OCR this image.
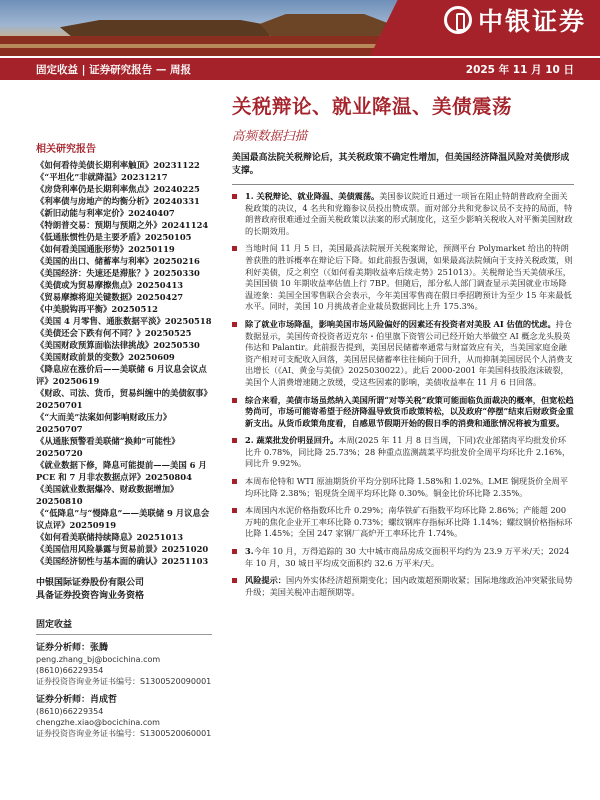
中银证券
固定收益 | 证券研究报告 — 周报	2025 年 11 月 10 日
相关研究报告
《如何看待美债长期利率触顶》20231122
《“平坦化”非就降温》20231217
《房贷利率仍是长期利率焦点》20240225
《利率债与房地产的均衡分析》20240331
《新旧动能与利率定价》20240407
《特朗普交易：预期与预期之外》20241124
《低通胀惯性仍是主要矛盾》20250105
《如何看美国通胀形势》20250119
《美国的出口、储蓄率与利率》20250216
《美国经济：失速还是滞胀？》20250330
《美债或为贸易摩擦焦点》20250413
《贸易摩擦将迎关键数据》20250427
《中美脱钩再平衡》20250512
《美国 4 月零售、通胀数据平淡》20250518
《美债还会下跌有何不同？》20250525
《美国财政预算面临法律挑战》20250530
《美国财政前景的变数》20250609
《降息应在涨价后——美联储 6 月议息会议点评》20250619
《财政、司法、货币，贸易纠缠中的美债叙事》20250701
《“大而美”法案如何影响财政压力》20250707
《从通胀预警看美联储“换帅”可能性》20250720
《就业数据下修，降息可能提前——美国 6 月 PCE 和 7 月非农数据点评》20250804
《美国就业数据爆冷、财政数据增加》20250810
《“低降息”与“慢降息”——美联储 9 月议息会议点评》20250919
《如何看美联储持续降息》20251013
《美国信用风险暴露与贸易前景》20251020
《美国经济韧性与基本面的确认》20251103
中银国际证券股份有限公司
具备证券投资咨询业务资格
固定收益
证券分析师：张腾
peng.zhang_bj@bocichina.com
(8610)66229354
证券投资咨询业务证书编号：S1300520090001
证券分析师：肖成哲
(8610)66229354
chengzhe.xiao@bocichina.com
证券投资咨询业务证书编号：S1300520060001
关税辩论、就业降温、美债震荡
高频数据扫描
美国最高法院关税辩论后，其关税政策不确定性增加，但美国经济降温风险对美债形成支撑。
1. 关税辩论、就业降温、美债震荡。美国参议院近日通过一项旨在阻止特朗普政府全面关税政策的决议，4 名共和党籍参议员投出赞成票。面对部分共和党参议员不支持的局面，特朗普政府很难通过全面关税政策以法案的形式制度化，这至少影响关税收入对平衡美国财政的长期效用。
当地时间 11 月 5 日，美国最高法院展开关税案辩论，预测平台 Polymarket 给出的特朗普获胜的胜诉概率在辩论后下降。如此前报告强调，如果最高法院倾向于支持关税政策，则利好美债，反之利空（《如何看美期收益率后续走势》251013）。关税辩论当天美债承压，美国国债 10 年期收益率估值上行 7BP。但随后，部分私人部门调查显示美国就业市场降温迹象：美国全国零售联合会表示，今年美国零售商在假日季招聘预计为至少 15 年来最低水平。同时，美国 10 月挑战者企业裁员数据同比上升 175.3%。
除了就业市场降温，影响美国市场风险偏好的因素还有投资者对美股 AI 估值的忧虑。持仓数据显示，美国传奇投资者迈克尔・伯里旗下资管公司已经开始大举做空 AI 概念龙头股英伟达和 Palantir。此前报告提到，美国居民储蓄率通常与财富效应有关，当美国家庭金融资产相对可支配收入回落，美国居民储蓄率往往倾向于回升，从而抑制美国居民个人消费支出增长（《AI、黄金与美债》2025030022）。此后 2000-2001 年美国科技股泡沫破裂，美国个人消费增速随之放缓，受这些因素的影响，美债收益率在 11 月 6 日回落。
综合来看，美债市场虽然纳入美国所谓“对等关税”政策可能面临负面裁决的概率，但宽松趋势尚可，市场可能寄希望于经济降温导致货币政策转松，以及政府“停摆”结束后财政资金重新支出。从货币政策角度看，自感恩节假期开始的假日季的消费和通胀情况将被为重要。
2. 蔬菜批发价明显回升。本周(2025 年 11 月 8 日当周，下同)农业部猪肉平均批发价环比升 0.78%，同比降 25.73%；28 种重点监测蔬菜平均批发价全周平均环比升 2.16%，同比升 9.92%。
本周布伦特和 WTI 原油期货价平均分别环比降 1.58%和 1.02%。LME 铜现货价全周平均环比降 2.38%；铝现货全周平均环比降 0.30%。铜金比价环比降 2.35%。
本周国内水泥价格指数环比升 0.29%；南华铁矿石指数平均环比降 2.86%；产能超 200 万吨的焦化企业开工率环比降 0.73%；螺纹钢库存指标环比降 1.14%；螺纹钢价格指标环比降 1.45%；全国 247 家钢厂高炉开工率环比升 1.74%。
3.今年 10 月，万得追踪的 30 大中城市商品房成交面积平均约为 23.9 万平米/天；2024 年 10 月，30 城日平均成交面积约 32.6 万平米/天。
风险提示：国内外实体经济超预期变化；国内政策超预期收紧；国际地缘政治冲突紧张局势升级；美国关税冲击超预期等。
